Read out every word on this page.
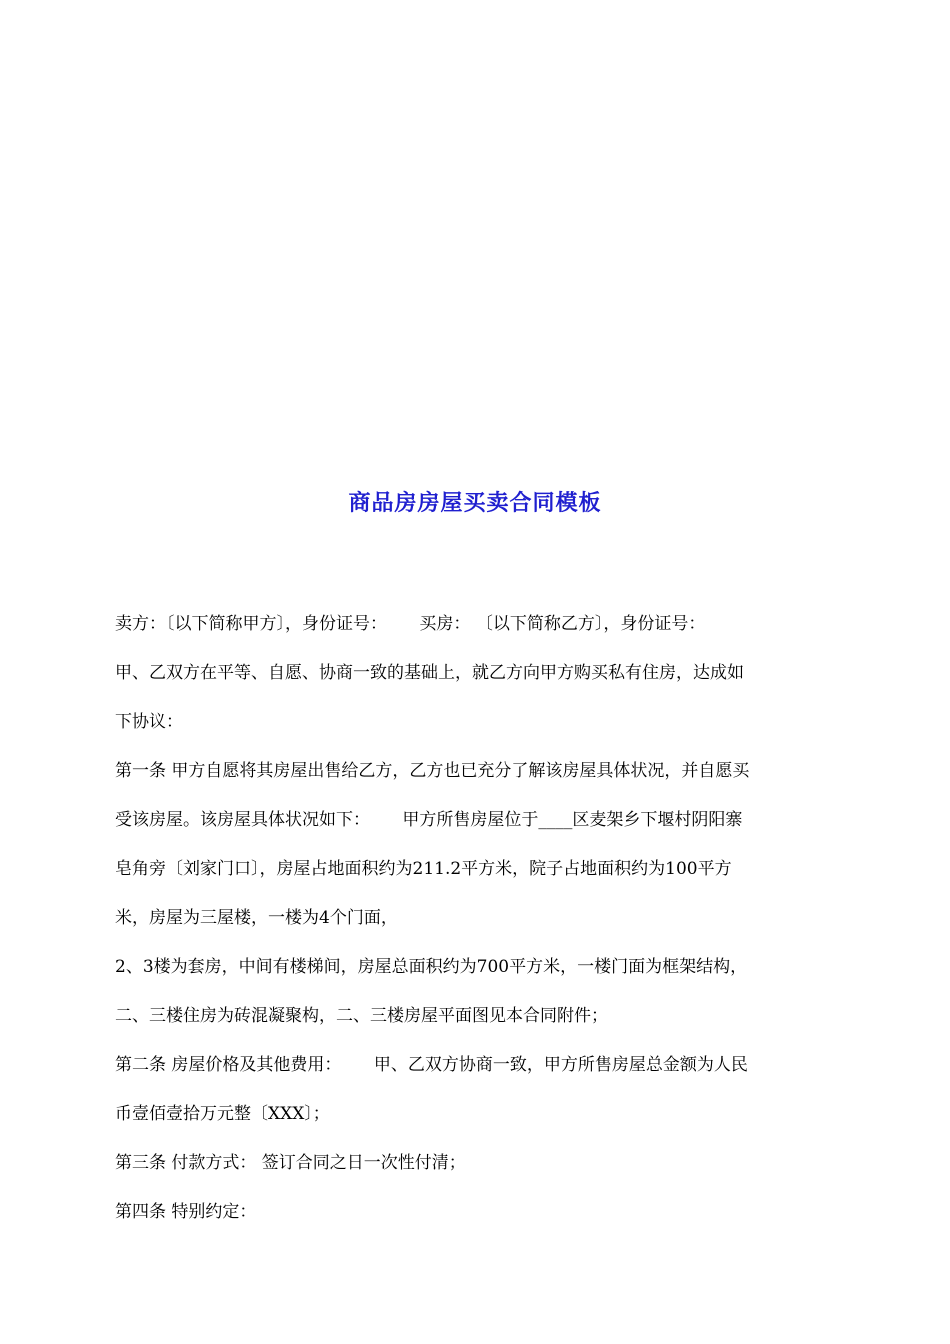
商品房房屋买卖合同模板
卖方：〔以下简称甲方〕，身份证号：      买房： 〔以下简称乙方〕，身份证号：
甲、乙双方在平等、自愿、协商一致的基础上，就乙方向甲方购买私有住房，达成如
下协议：
第一条 甲方自愿将其房屋出售给乙方，乙方也已充分了解该房屋具体状况，并自愿买
受该房屋。该房屋具体状况如下：      甲方所售房屋位于____区麦架乡下堰村阴阳寨
皂角旁〔刘家门口〕，房屋占地面积约为211.2平方米，院子占地面积约为100平方
米，房屋为三屋楼，一楼为4个门面，
2、3楼为套房，中间有楼梯间，房屋总面积约为700平方米，一楼门面为框架结构，
二、三楼住房为砖混凝聚构，二、三楼房屋平面图见本合同附件；
第二条 房屋价格及其他费用：      甲、乙双方协商一致，甲方所售房屋总金额为人民
币壹佰壹拾万元整〔XXX〕；
第三条 付款方式： 签订合同之日一次性付清；
第四条 特别约定：
